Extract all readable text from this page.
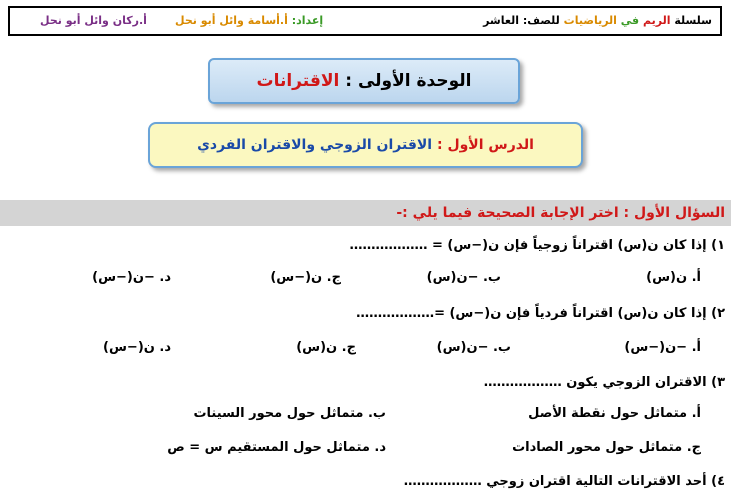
سلسلة الريم في الرياضيات للصف: العاشر
إعداد: أ.أسامة وائل أبو نحل
أ.ركان وائل أبو نحل
الوحدة الأولى : الاقترانات
الدرس الأول : الاقتران الزوجي والاقتران الفردي
السؤال الأول : اختر الإجابة الصحيحة فيما يلي :-
١) إذا كان ن(س) اقتراناً زوجياً فإن ن(−س) = ………………
أ. ن(س)
ب. −ن(س)
ج. ن(−س)
د. −ن(−س)
٢) إذا كان ن(س) اقتراناً فردياً فإن ن(−س) =………………
أ. −ن(−س)
ب. −ن(س)
ج. ن(س)
د. ن(−س)
٣) الاقتران الزوجي يكون ………………
أ. متماثل حول نقطة الأصل
ب. متماثل حول محور السينات
ج. متماثل حول محور الصادات
د. متماثل حول المستقيم س = ص
٤) أحد الاقترانات التالية اقتران زوجي ………………
